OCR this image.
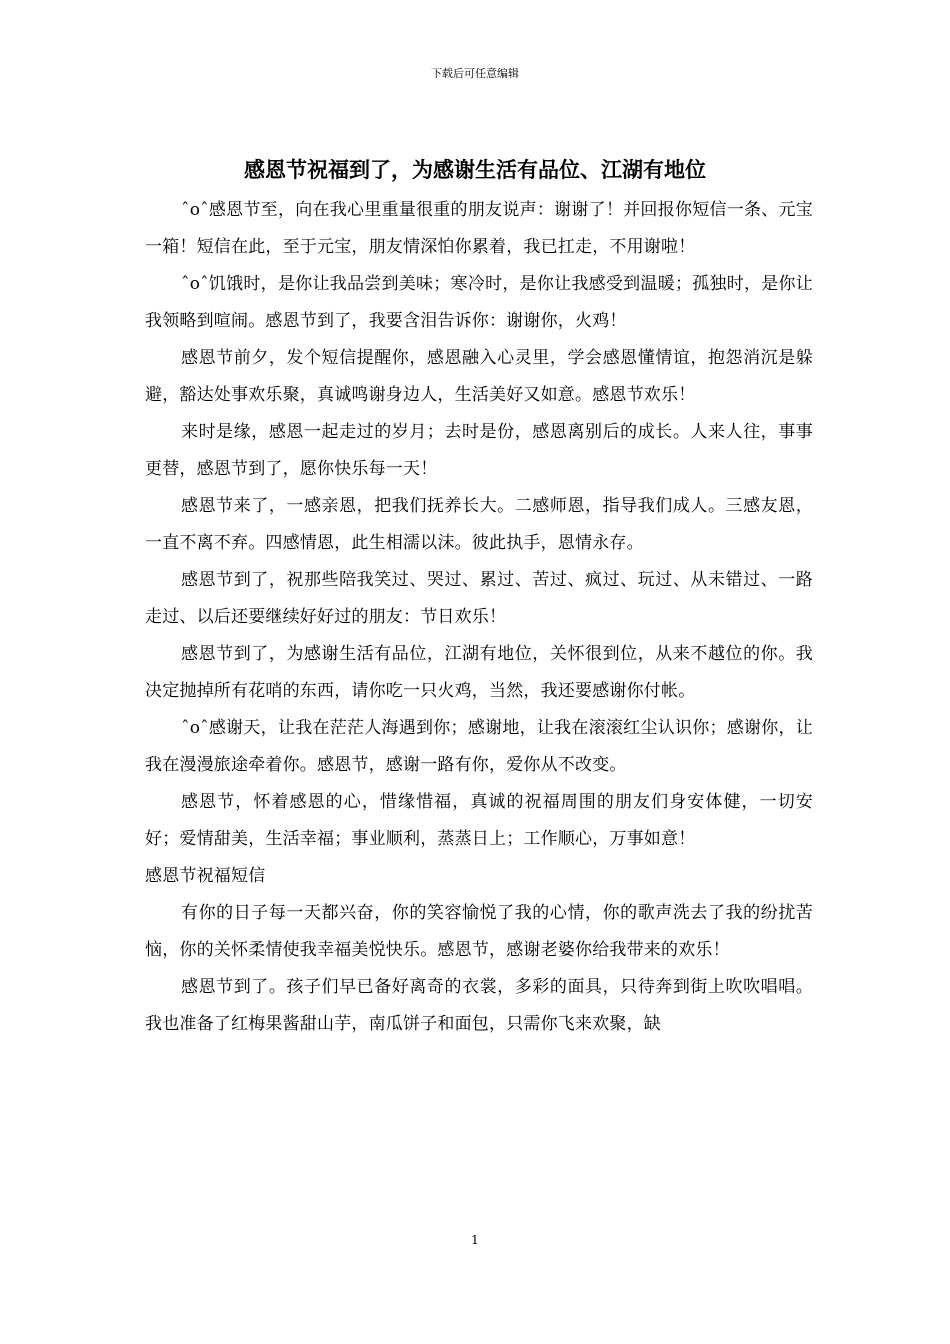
下载后可任意编辑
感恩节祝福到了，为感谢生活有品位、江湖有地位

ˆoˆ感恩节至，向在我心里重量很重的朋友说声：谢谢了！并回报你短信一条、元宝一箱！短信在此，至于元宝，朋友情深怕你累着，我已扛走，不用谢啦！

ˆoˆ饥饿时，是你让我品尝到美味；寒冷时，是你让我感受到温暖；孤独时，是你让我领略到喧闹。感恩节到了，我要含泪告诉你：谢谢你，火鸡！

感恩节前夕，发个短信提醒你，感恩融入心灵里，学会感恩懂情谊，抱怨消沉是躲避，豁达处事欢乐聚，真诚鸣谢身边人，生活美好又如意。感恩节欢乐！

来时是缘，感恩一起走过的岁月；去时是份，感恩离别后的成长。人来人往，事事更替，感恩节到了，愿你快乐每一天！

感恩节来了，一感亲恩，把我们抚养长大。二感师恩，指导我们成人。三感友恩，一直不离不弃。四感情恩，此生相濡以沫。彼此执手，恩情永存。

感恩节到了，祝那些陪我笑过、哭过、累过、苦过、疯过、玩过、从未错过、一路走过、以后还要继续好好过的朋友：节日欢乐！

感恩节到了，为感谢生活有品位，江湖有地位，关怀很到位，从来不越位的你。我决定抛掉所有花哨的东西，请你吃一只火鸡，当然，我还要感谢你付帐。

ˆoˆ感谢天，让我在茫茫人海遇到你；感谢地，让我在滚滚红尘认识你；感谢你，让我在漫漫旅途牵着你。感恩节，感谢一路有你，爱你从不改变。

感恩节，怀着感恩的心，惜缘惜福，真诚的祝福周围的朋友们身安体健，一切安好；爱情甜美，生活幸福；事业顺利，蒸蒸日上；工作顺心，万事如意！

感恩节祝福短信

有你的日子每一天都兴奋，你的笑容愉悦了我的心情，你的歌声洗去了我的纷扰苦恼，你的关怀柔情使我幸福美悦快乐。感恩节，感谢老婆你给我带来的欢乐！

感恩节到了。孩子们早已备好离奇的衣裳，多彩的面具，只待奔到街上吹吹唱唱。我也准备了红梅果酱甜山芋，南瓜饼子和面包，只需你飞来欢聚，缺

1
